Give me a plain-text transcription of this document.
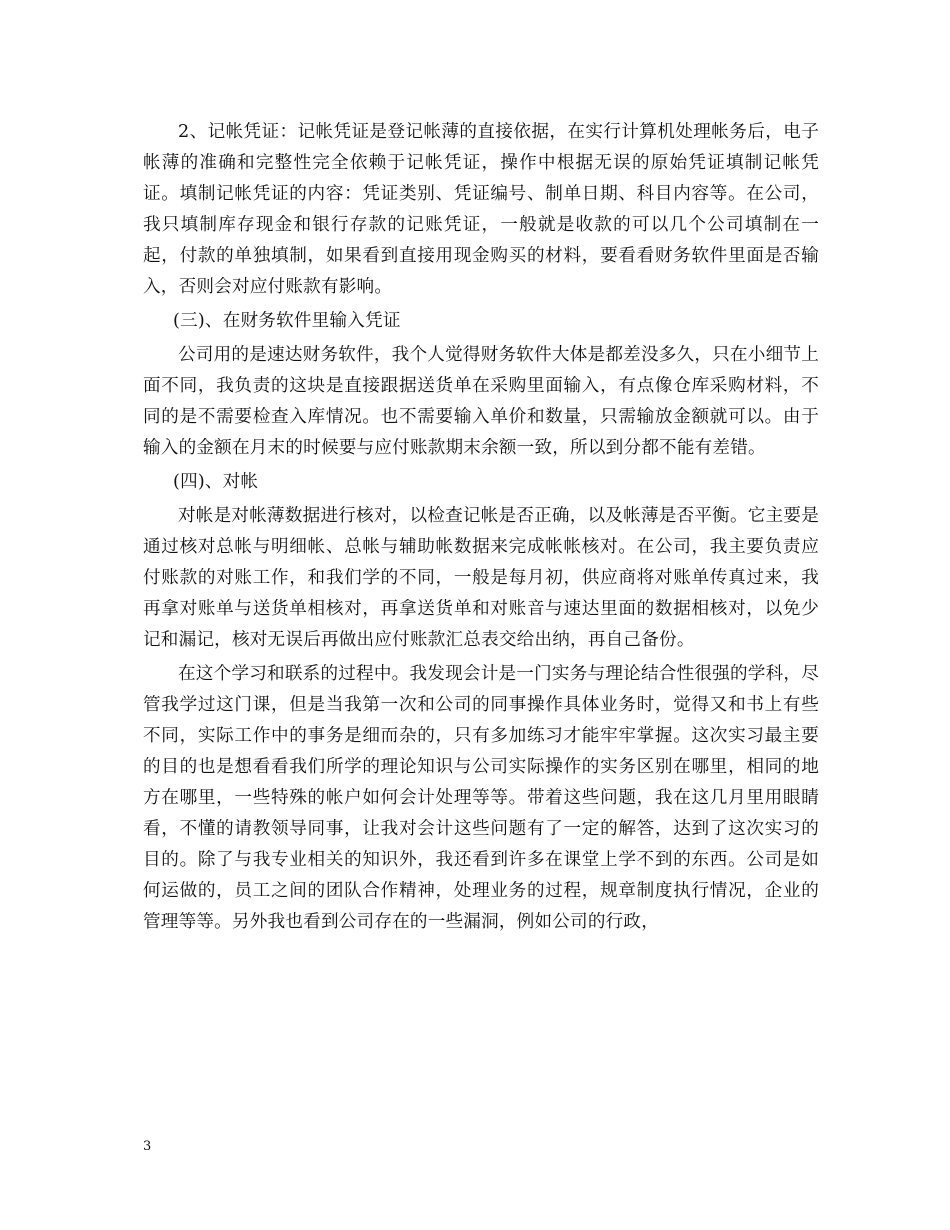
2、记帐凭证：记帐凭证是登记帐薄的直接依据，在实行计算机处理帐务后，电子帐薄的准确和完整性完全依赖于记帐凭证，操作中根据无误的原始凭证填制记帐凭证。填制记帐凭证的内容：凭证类别、凭证编号、制单日期、科目内容等。在公司，我只填制库存现金和银行存款的记账凭证，一般就是收款的可以几个公司填制在一起，付款的单独填制，如果看到直接用现金购买的材料，要看看财务软件里面是否输入，否则会对应付账款有影响。

(三)、在财务软件里输入凭证

公司用的是速达财务软件，我个人觉得财务软件大体是都差没多久，只在小细节上面不同，我负责的这块是直接跟据送货单在采购里面输入，有点像仓库采购材料，不同的是不需要检查入库情况。也不需要输入单价和数量，只需输放金额就可以。由于输入的金额在月末的时候要与应付账款期末余额一致，所以到分都不能有差错。

(四)、对帐

对帐是对帐薄数据进行核对，以检查记帐是否正确，以及帐薄是否平衡。它主要是通过核对总帐与明细帐、总帐与辅助帐数据来完成帐帐核对。在公司，我主要负责应付账款的对账工作，和我们学的不同，一般是每月初，供应商将对账单传真过来，我再拿对账单与送货单相核对，再拿送货单和对账音与速达里面的数据相核对，以免少记和漏记，核对无误后再做出应付账款汇总表交给出纳，再自己备份。

在这个学习和联系的过程中。我发现会计是一门实务与理论结合性很强的学科，尽管我学过这门课，但是当我第一次和公司的同事操作具体业务时，觉得又和书上有些不同，实际工作中的事务是细而杂的，只有多加练习才能牢牢掌握。这次实习最主要的目的也是想看看我们所学的理论知识与公司实际操作的实务区别在哪里，相同的地方在哪里，一些特殊的帐户如何会计处理等等。带着这些问题，我在这几月里用眼睛看，不懂的请教领导同事，让我对会计这些问题有了一定的解答，达到了这次实习的目的。除了与我专业相关的知识外，我还看到许多在课堂上学不到的东西。公司是如何运做的，员工之间的团队合作精神，处理业务的过程，规章制度执行情况，企业的管理等等。另外我也看到公司存在的一些漏洞，例如公司的行政，

3
